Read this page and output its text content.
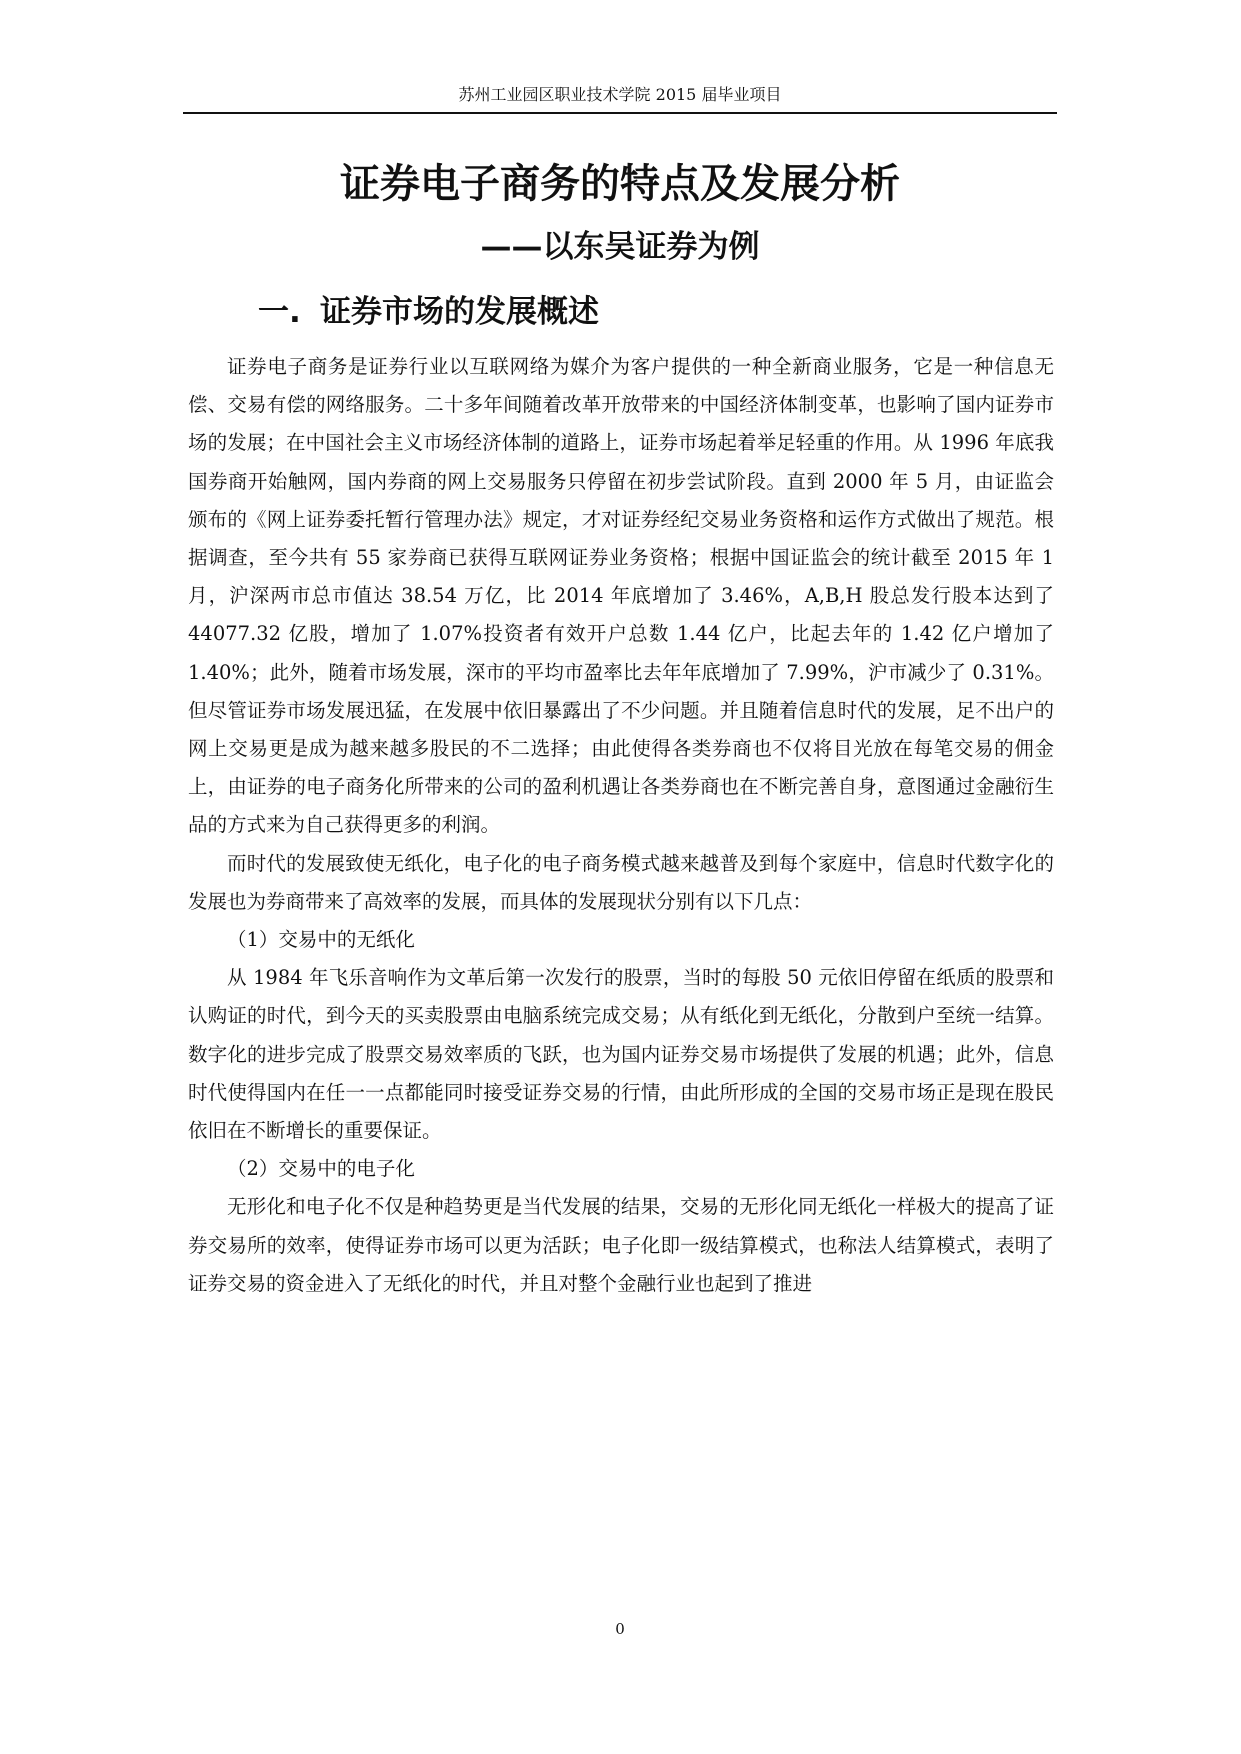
苏州工业园区职业技术学院 2015 届毕业项目
证券电子商务的特点及发展分析
——以东吴证券为例
一. 证券市场的发展概述

证券电子商务是证券行业以互联网络为媒介为客户提供的一种全新商业服务，它是一种信息无偿、交易有偿的网络服务。二十多年间随着改革开放带来的中国经济体制变革，也影响了国内证券市场的发展；在中国社会主义市场经济体制的道路上，证券市场起着举足轻重的作用。从 1996 年底我国券商开始触网，国内券商的网上交易服务只停留在初步尝试阶段。直到 2000 年 5 月，由证监会颁布的《网上证券委托暂行管理办法》规定，才对证券经纪交易业务资格和运作方式做出了规范。根据调查，至今共有 55 家券商已获得互联网证券业务资格；根据中国证监会的统计截至 2015 年 1 月，沪深两市总市值达 38.54 万亿，比 2014 年底增加了 3.46%，A,B,H 股总发行股本达到了 44077.32 亿股，增加了 1.07%投资者有效开户总数 1.44 亿户，比起去年的 1.42 亿户增加了 1.40%；此外，随着市场发展，深市的平均市盈率比去年年底增加了 7.99%，沪市减少了 0.31%。但尽管证券市场发展迅猛，在发展中依旧暴露出了不少问题。并且随着信息时代的发展，足不出户的网上交易更是成为越来越多股民的不二选择；由此使得各类券商也不仅将目光放在每笔交易的佣金上，由证券的电子商务化所带来的公司的盈利机遇让各类券商也在不断完善自身，意图通过金融衍生品的方式来为自己获得更多的利润。

而时代的发展致使无纸化，电子化的电子商务模式越来越普及到每个家庭中，信息时代数字化的发展也为券商带来了高效率的发展，而具体的发展现状分别有以下几点：

（1）交易中的无纸化

从 1984 年飞乐音响作为文革后第一次发行的股票，当时的每股 50 元依旧停留在纸质的股票和认购证的时代，到今天的买卖股票由电脑系统完成交易；从有纸化到无纸化，分散到户至统一结算。数字化的进步完成了股票交易效率质的飞跃，也为国内证券交易市场提供了发展的机遇；此外，信息时代使得国内在任一一点都能同时接受证券交易的行情，由此所形成的全国的交易市场正是现在股民依旧在不断增长的重要保证。

（2）交易中的电子化

无形化和电子化不仅是种趋势更是当代发展的结果，交易的无形化同无纸化一样极大的提高了证券交易所的效率，使得证券市场可以更为活跃；电子化即一级结算模式，也称法人结算模式，表明了证券交易的资金进入了无纸化的时代，并且对整个金融行业也起到了推进

0
